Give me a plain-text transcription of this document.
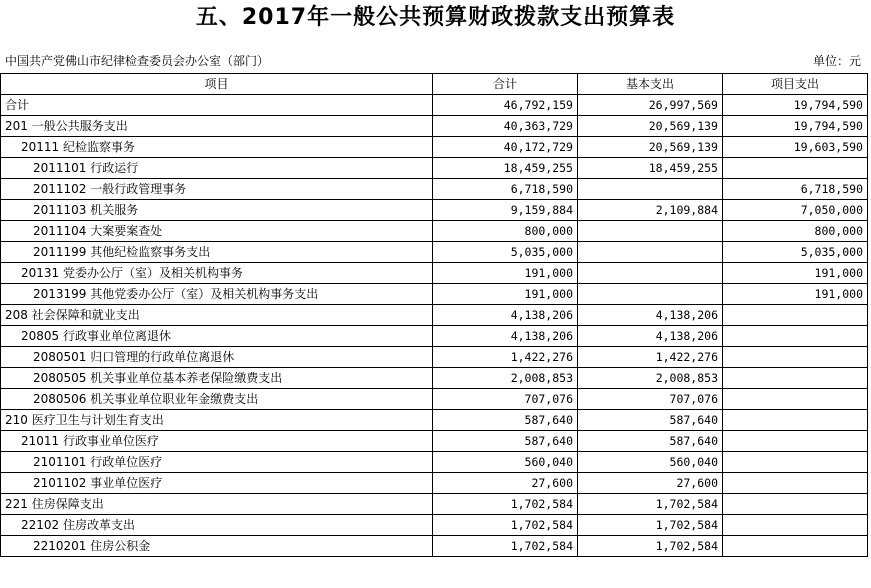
五、2017年一般公共预算财政拨款支出预算表
中国共产党佛山市纪律检查委员会办公室（部门）	单位：元
项目	合计	基本支出	项目支出
合计	46,792,159	26,997,569	19,794,590
201 一般公共服务支出	40,363,729	20,569,139	19,794,590
20111 纪检监察事务	40,172,729	20,569,139	19,603,590
2011101 行政运行	18,459,255	18,459,255	
2011102 一般行政管理事务	6,718,590		6,718,590
2011103 机关服务	9,159,884	2,109,884	7,050,000
2011104 大案要案查处	800,000		800,000
2011199 其他纪检监察事务支出	5,035,000		5,035,000
20131 党委办公厅（室）及相关机构事务	191,000		191,000
2013199 其他党委办公厅（室）及相关机构事务支出	191,000		191,000
208 社会保障和就业支出	4,138,206	4,138,206	
20805 行政事业单位离退休	4,138,206	4,138,206	
2080501 归口管理的行政单位离退休	1,422,276	1,422,276	
2080505 机关事业单位基本养老保险缴费支出	2,008,853	2,008,853	
2080506 机关事业单位职业年金缴费支出	707,076	707,076	
210 医疗卫生与计划生育支出	587,640	587,640	
21011 行政事业单位医疗	587,640	587,640	
2101101 行政单位医疗	560,040	560,040	
2101102 事业单位医疗	27,600	27,600	
221 住房保障支出	1,702,584	1,702,584	
22102 住房改革支出	1,702,584	1,702,584	
2210201 住房公积金	1,702,584	1,702,584	
